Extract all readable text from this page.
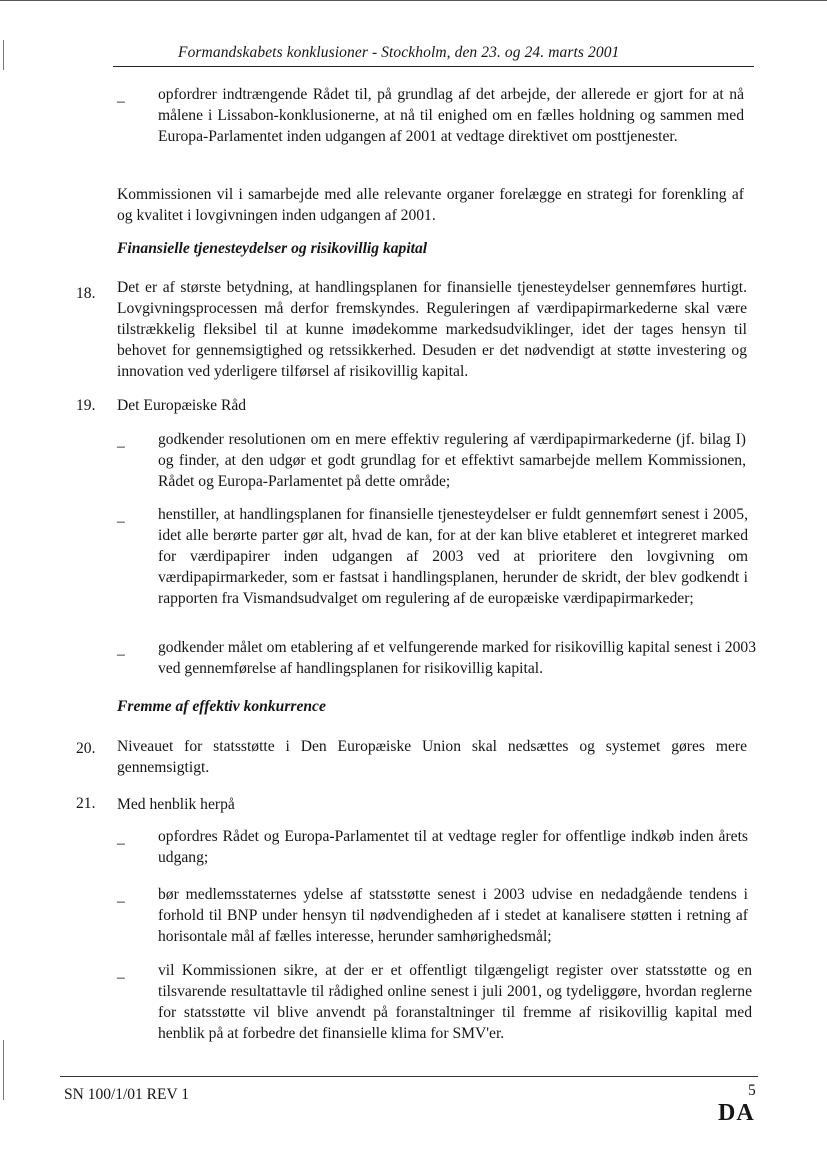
Formandskabets konklusioner - Stockholm, den 23. og 24. marts 2001
– opfordrer indtrængende Rådet til, på grundlag af det arbejde, der allerede er gjort for at nå målene i Lissabon-konklusionerne, at nå til enighed om en fælles holdning og sammen med Europa-Parlamentet inden udgangen af 2001 at vedtage direktivet om posttjenester.
Kommissionen vil i samarbejde med alle relevante organer forelægge en strategi for forenkling af og kvalitet i lovgivningen inden udgangen af 2001.
Finansielle tjenesteydelser og risikovillig kapital
18. Det er af største betydning, at handlingsplanen for finansielle tjenesteydelser gennemføres hurtigt. Lovgivningsprocessen må derfor fremskyndes. Reguleringen af værdipapirmarkederne skal være tilstrækkelig fleksibel til at kunne imødekomme markedsudviklinger, idet der tages hensyn til behovet for gennemsigtighed og retssikkerhed. Desuden er det nødvendigt at støtte investering og innovation ved yderligere tilførsel af risikovillig kapital.
19. Det Europæiske Råd
– godkender resolutionen om en mere effektiv regulering af værdipapirmarkederne (jf. bilag I) og finder, at den udgør et godt grundlag for et effektivt samarbejde mellem Kommissionen, Rådet og Europa-Parlamentet på dette område;
– henstiller, at handlingsplanen for finansielle tjenesteydelser er fuldt gennemført senest i 2005, idet alle berørte parter gør alt, hvad de kan, for at der kan blive etableret et integreret marked for værdipapirer inden udgangen af 2003 ved at prioritere den lovgivning om værdipapirmarkeder, som er fastsat i handlingsplanen, herunder de skridt, der blev godkendt i rapporten fra Vismandsudvalget om regulering af de europæiske værdipapirmarkeder;
– godkender målet om etablering af et velfungerende marked for risikovillig kapital senest i 2003 ved gennemførelse af handlingsplanen for risikovillig kapital.
Fremme af effektiv konkurrence
20. Niveauet for statsstøtte i Den Europæiske Union skal nedsættes og systemet gøres mere gennemsigtigt.
21. Med henblik herpå
– opfordres Rådet og Europa-Parlamentet til at vedtage regler for offentlige indkøb inden årets udgang;
– bør medlemsstaternes ydelse af statsstøtte senest i 2003 udvise en nedadgående tendens i forhold til BNP under hensyn til nødvendigheden af i stedet at kanalisere støtten i retning af horisontale mål af fælles interesse, herunder samhørighedsmål;
– vil Kommissionen sikre, at der er et offentligt tilgængeligt register over statsstøtte og en tilsvarende resultattavle til rådighed online senest i juli 2001, og tydeliggøre, hvordan reglerne for statsstøtte vil blive anvendt på foranstaltninger til fremme af risikovillig kapital med henblik på at forbedre det finansielle klima for SMV'er.
SN 100/1/01 REV 1	5
DA
